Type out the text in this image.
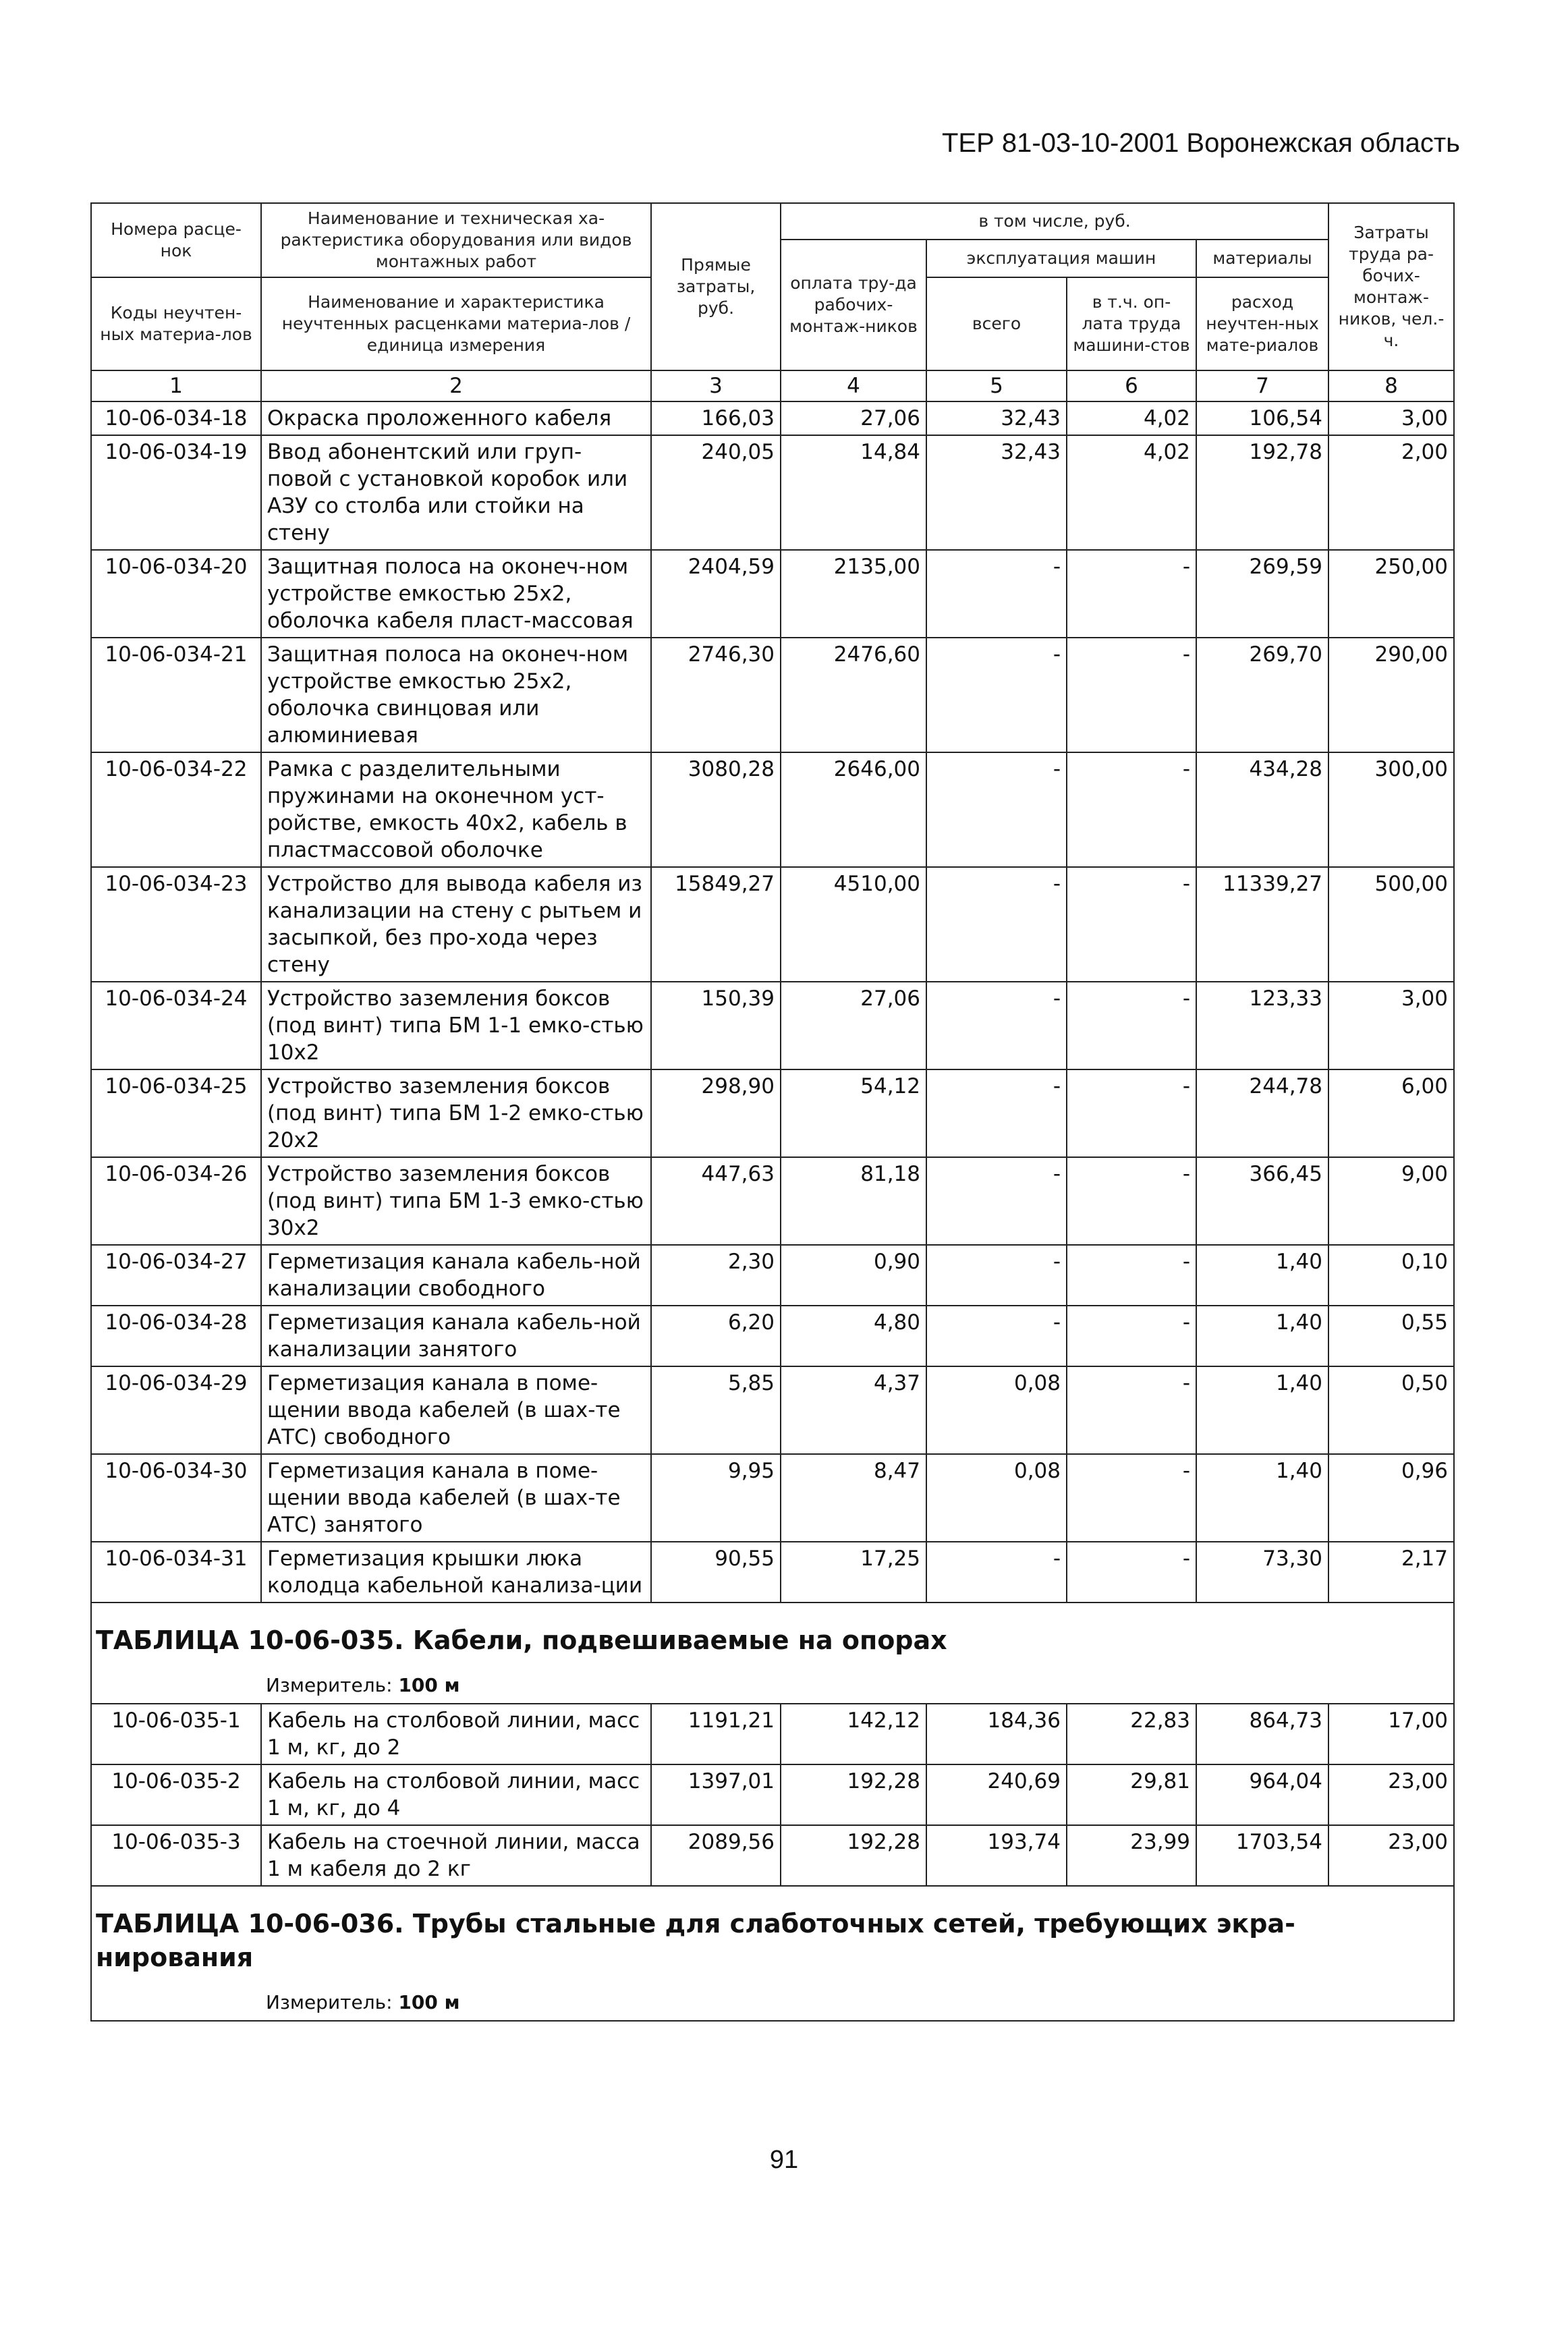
ТЕР 81-03-10-2001 Воронежская область
Номера расце-нок	Наименование и техническая ха-рактеристика оборудования или видов монтажных работ	Прямые затраты, руб.	в том числе, руб.				Затраты труда ра-бочих-монтаж-ников, чел.-ч.
			оплата тру-да рабочих-монтаж-ников	эксплуатация машин		материалы	
Коды неучтен-ных материа-лов	Наименование и характеристика неучтенных расценками материа-лов / единица измерения			всего	в т.ч. оп-лата труда машини-стов	расход неучтен-ных мате-риалов	

1	2	3	4	5	6	7	8
10-06-034-18	Окраска проложенного кабеля	166,03	27,06	32,43	4,02	106,54	3,00
10-06-034-19	Ввод абонентский или груп-повой с установкой коробок или АЗУ со столба или стойки на стену	240,05	14,84	32,43	4,02	192,78	2,00
10-06-034-20	Защитная полоса на оконеч-ном устройстве емкостью 25х2, оболочка кабеля пласт-массовая	2404,59	2135,00	-	-	269,59	250,00
10-06-034-21	Защитная полоса на оконеч-ном устройстве емкостью 25х2, оболочка свинцовая или алюминиевая	2746,30	2476,60	-	-	269,70	290,00
10-06-034-22	Рамка с разделительными пружинами на оконечном уст-ройстве, емкость 40х2, кабель в пластмассовой оболочке	3080,28	2646,00	-	-	434,28	300,00
10-06-034-23	Устройство для вывода кабеля из канализации на стену с рытьем и засыпкой, без про-хода через стену	15849,27	4510,00	-	-	11339,27	500,00
10-06-034-24	Устройство заземления боксов (под винт) типа БМ 1-1 емко-стью 10х2	150,39	27,06	-	-	123,33	3,00
10-06-034-25	Устройство заземления боксов (под винт) типа БМ 1-2 емко-стью 20х2	298,90	54,12	-	-	244,78	6,00
10-06-034-26	Устройство заземления боксов (под винт) типа БМ 1-3 емко-стью 30х2	447,63	81,18	-	-	366,45	9,00
10-06-034-27	Герметизация канала кабель-ной канализации свободного	2,30	0,90	-	-	1,40	0,10
10-06-034-28	Герметизация канала кабель-ной канализации занятого	6,20	4,80	-	-	1,40	0,55
10-06-034-29	Герметизация канала в поме-щении ввода кабелей (в шах-те АТС) свободного	5,85	4,37	0,08	-	1,40	0,50
10-06-034-30	Герметизация канала в поме-щении ввода кабелей (в шах-те АТС) занятого	9,95	8,47	0,08	-	1,40	0,96
10-06-034-31	Герметизация крышки люка колодца кабельной канализа-ции	90,55	17,25	-	-	73,30	2,17

ТАБЛИЦА 10-06-035. Кабели, подвешиваемые на опорах
Измеритель: 100 м							

10-06-035-1	Кабель на столбовой линии, масс 1 м, кг, до 2	1191,21	142,12	184,36	22,83	864,73	17,00
10-06-035-2	Кабель на столбовой линии, масс 1 м, кг, до 4	1397,01	192,28	240,69	29,81	964,04	23,00
10-06-035-3	Кабель на стоечной линии, масса 1 м кабеля до 2 кг	2089,56	192,28	193,74	23,99	1703,54	23,00

ТАБЛИЦА 10-06-036. Трубы стальные для слаботочных сетей, требующих экра-нирования
Измеритель: 100 м							
91
